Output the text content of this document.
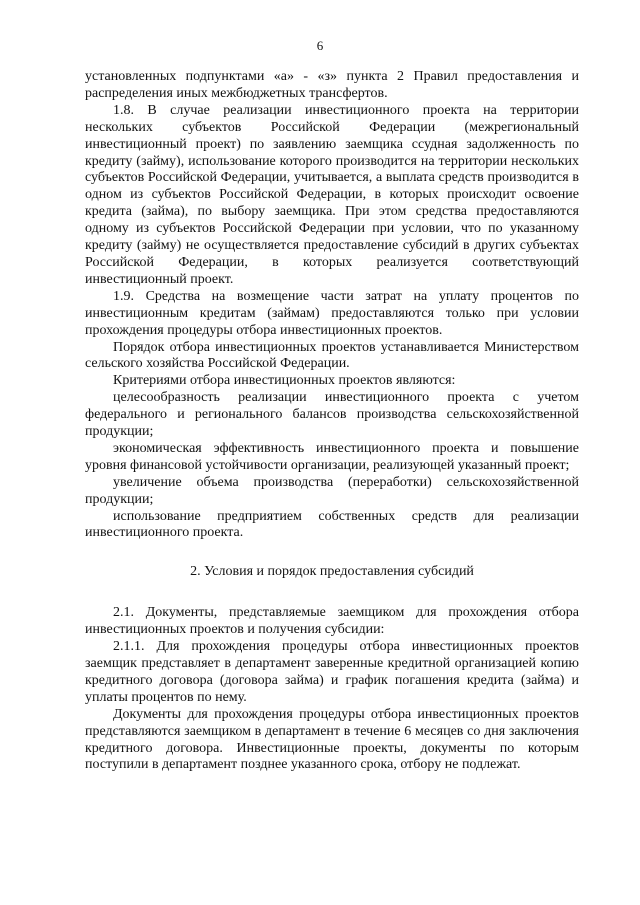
6

установленных подпунктами «а» - «з» пункта 2 Правил предоставления и распределения иных межбюджетных трансфертов.

1.8. В случае реализации инвестиционного проекта на территории нескольких субъектов Российской Федерации (межрегиональный инвестиционный проект) по заявлению заемщика ссудная задолженность по кредиту (займу), использование которого производится на территории нескольких субъектов Российской Федерации, учитывается, а выплата средств производится в одном из субъектов Российской Федерации, в которых происходит освоение кредита (займа), по выбору заемщика. При этом средства предоставляются одному из субъектов Российской Федерации при условии, что по указанному кредиту (займу) не осуществляется предоставление субсидий в других субъектах Российской Федерации, в которых реализуется соответствующий инвестиционный проект.

1.9. Средства на возмещение части затрат на уплату процентов по инвестиционным кредитам (займам) предоставляются только при условии прохождения процедуры отбора инвестиционных проектов.

Порядок отбора инвестиционных проектов устанавливается Министерством сельского хозяйства Российской Федерации.

Критериями отбора инвестиционных проектов являются:

целесообразность реализации инвестиционного проекта с учетом федерального и регионального балансов производства сельскохозяйственной продукции;

экономическая эффективность инвестиционного проекта и повышение уровня финансовой устойчивости организации, реализующей указанный проект;

увеличение объема производства (переработки) сельскохозяйственной продукции;

использование предприятием собственных средств для реализации инвестиционного проекта.

2. Условия и порядок предоставления субсидий

2.1. Документы, представляемые заемщиком для прохождения отбора инвестиционных проектов и получения субсидии:

2.1.1. Для прохождения процедуры отбора инвестиционных проектов заемщик представляет в департамент заверенные кредитной организацией копию кредитного договора (договора займа) и график погашения кредита (займа) и уплаты процентов по нему.

Документы для прохождения процедуры отбора инвестиционных проектов представляются заемщиком в департамент в течение 6 месяцев со дня заключения кредитного договора. Инвестиционные проекты, документы по которым поступили в департамент позднее указанного срока, отбору не подлежат.
